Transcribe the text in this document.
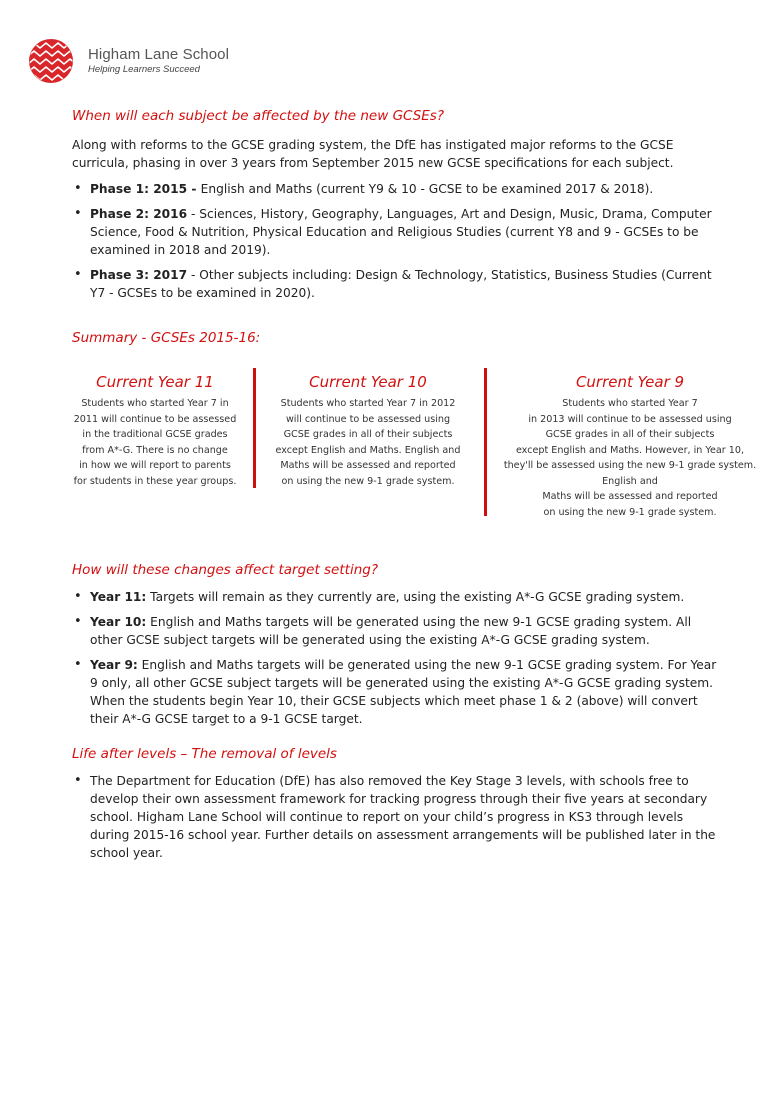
Higham Lane School
Helping Learners Succeed

When will each subject be affected by the new GCSEs?

Along with reforms to the GCSE grading system, the DfE has instigated major reforms to the GCSE curricula, phasing in over 3 years from September 2015 new GCSE specifications for each subject.

• Phase 1: 2015 - English and Maths (current Y9 & 10 - GCSE to be examined 2017 & 2018).
• Phase 2: 2016 - Sciences, History, Geography, Languages, Art and Design, Music, Drama, Computer Science, Food & Nutrition, Physical Education and Religious Studies (current Y8 and 9 - GCSEs to be examined in 2018 and 2019).
• Phase 3: 2017 - Other subjects including: Design & Technology, Statistics, Business Studies (Current Y7 - GCSEs to be examined in 2020).

Summary - GCSEs 2015-16:

Current Year 11
Students who started Year 7 in
2011 will continue to be assessed
in the traditional GCSE grades
from A*-G. There is no change
in how we will report to parents
for students in these year groups.
Current Year 10
Students who started Year 7 in 2012
will continue to be assessed using
GCSE grades in all of their subjects
except English and Maths. English and
Maths will be assessed and reported
on using the new 9-1 grade system.
Current Year 9
Students who started Year 7
in 2013 will continue to be assessed using
GCSE grades in all of their subjects
except English and Maths. However, in Year 10,
they'll be assessed using the new 9-1 grade system.
English and
Maths will be assessed and reported
on using the new 9-1 grade system.

How will these changes affect target setting?

• Year 11: Targets will remain as they currently are, using the existing A*-G GCSE grading system.
• Year 10: English and Maths targets will be generated using the new 9-1 GCSE grading system. All other GCSE subject targets will be generated using the existing A*-G GCSE grading system.
• Year 9: English and Maths targets will be generated using the new 9-1 GCSE grading system. For Year 9 only, all other GCSE subject targets will be generated using the existing A*-G GCSE grading system. When the students begin Year 10, their GCSE subjects which meet phase 1 & 2 (above) will convert their A*-G GCSE target to a 9-1 GCSE target.

Life after levels – The removal of levels

• The Department for Education (DfE) has also removed the Key Stage 3 levels, with schools free to develop their own assessment framework for tracking progress through their five years at secondary school. Higham Lane School will continue to report on your child’s progress in KS3 through levels during 2015-16 school year. Further details on assessment arrangements will be published later in the school year.
